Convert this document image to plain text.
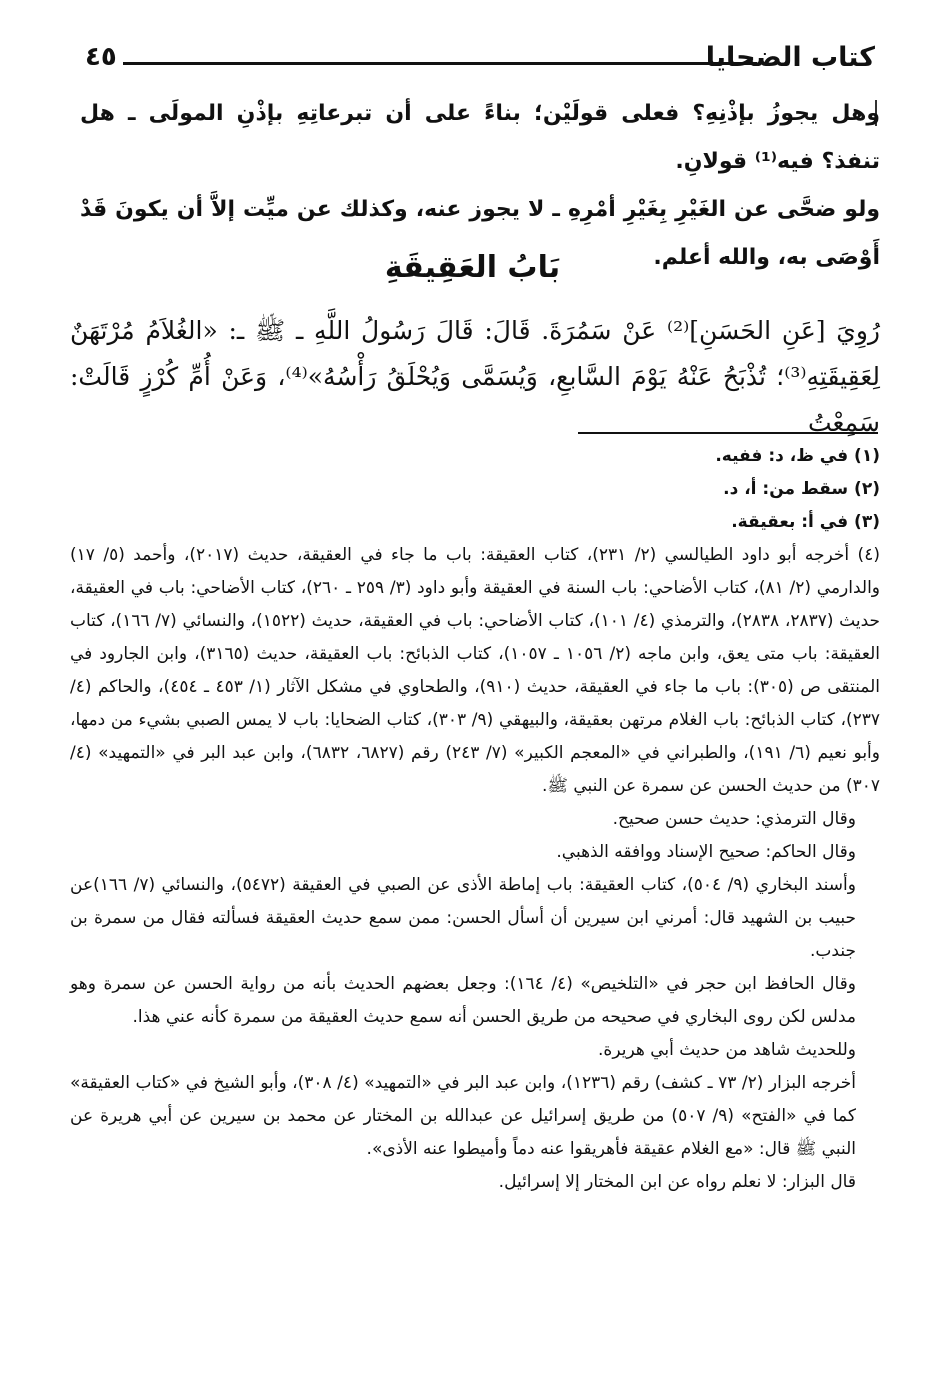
كتاب الضحايا
٤٥

وهل يجوزُ بإذْنِهِ؟ فعلى قولَيْن؛ بناءً على أن تبرعاتِهِ بإذْنِ المولَى ـ هل تنفذ؟ فيه⁽¹⁾ قولانِ.

ولو ضحَّى عن الغَيْرِ بِغَيْرِ أمْرِهِ ـ لا يجوز عنه، وكذلك عن ميِّت إلاَّ أن يكونَ قَدْ أَوْصَى به، والله أعلم.

بَابُ العَقِيقَةِ
رُوِيَ [عَنِ الحَسَنِ]⁽²⁾ عَنْ سَمُرَةَ. قَالَ: قَالَ رَسُولُ اللَّهِ ـ ﷺ ـ: «الغُلاَمُ مُرْتَهَنٌ لِعَقِيقَتِهِ⁽³⁾؛ تُذْبَحُ عَنْهُ يَوْمَ السَّابعِ، وَيُسَمَّى وَيُحْلَقُ رَأْسُهُ»⁽⁴⁾، وَعَنْ أُمِّ كُرْزٍ قَالَتْ: سَمِعْتُ

(١) في ظ، د: ففيه.

(٢) سقط من: أ، د.

(٣) في أ: بعقيقة.

(٤) أخرجه أبو داود الطيالسي (٢/ ٢٣١)، كتاب العقيقة: باب ما جاء في العقيقة، حديث (٢٠١٧)، وأحمد (٥/ ١٧) والدارمي (٢/ ٨١)، كتاب الأضاحي: باب السنة في العقيقة وأبو داود (٣/ ٢٥٩ ـ ٢٦٠)، كتاب الأضاحي: باب في العقيقة، حديث (٢٨٣٧، ٢٨٣٨)، والترمذي (٤/ ١٠١)، كتاب الأضاحي: باب في العقيقة، حديث (١٥٢٢)، والنسائي (٧/ ١٦٦)، كتاب العقيقة: باب متى يعق، وابن ماجه (٢/ ١٠٥٦ ـ ١٠٥٧)، كتاب الذبائح: باب العقيقة، حديث (٣١٦٥)، وابن الجارود في المنتقى ص (٣٠٥): باب ما جاء في العقيقة، حديث (٩١٠)، والطحاوي في مشكل الآثار (١/ ٤٥٣ ـ ٤٥٤)، والحاكم (٤/ ٢٣٧)، كتاب الذبائح: باب الغلام مرتهن بعقيقة، والبيهقي (٩/ ٣٠٣)، كتاب الضحايا: باب لا يمس الصبي بشيء من دمها، وأبو نعيم (٦/ ١٩١)، والطبراني في «المعجم الكبير» (٧/ ٢٤٣) رقم (٦٨٢٧، ٦٨٣٢)، وابن عبد البر في «التمهيد» (٤/ ٣٠٧) من حديث الحسن عن سمرة عن النبي ﷺ.

وقال الترمذي: حديث حسن صحيح.

وقال الحاكم: صحيح الإسناد ووافقه الذهبي.

وأسند البخاري (٩/ ٥٠٤)، كتاب العقيقة: باب إماطة الأذى عن الصبي في العقيقة (٥٤٧٢)، والنسائي (٧/ ١٦٦)عن حبيب بن الشهيد قال: أمرني ابن سيرين أن أسأل الحسن: ممن سمع حديث العقيقة فسألته فقال من سمرة بن جندب.

وقال الحافظ ابن حجر في «التلخيص» (٤/ ١٦٤): وجعل بعضهم الحديث بأنه من رواية الحسن عن سمرة وهو مدلس لكن روى البخاري في صحيحه من طريق الحسن أنه سمع حديث العقيقة من سمرة كأنه عني هذا.

وللحديث شاهد من حديث أبي هريرة.

أخرجه البزار (٢/ ٧٣ ـ كشف) رقم (١٢٣٦)، وابن عبد البر في «التمهيد» (٤/ ٣٠٨)، وأبو الشيخ في «كتاب العقيقة» كما في «الفتح» (٩/ ٥٠٧) من طريق إسرائيل عن عبدالله بن المختار عن محمد بن سيرين عن أبي هريرة عن النبي ﷺ قال: «مع الغلام عقيقة فأهريقوا عنه دماً وأميطوا عنه الأذى».

قال البزار: لا نعلم رواه عن ابن المختار إلا إسرائيل.
